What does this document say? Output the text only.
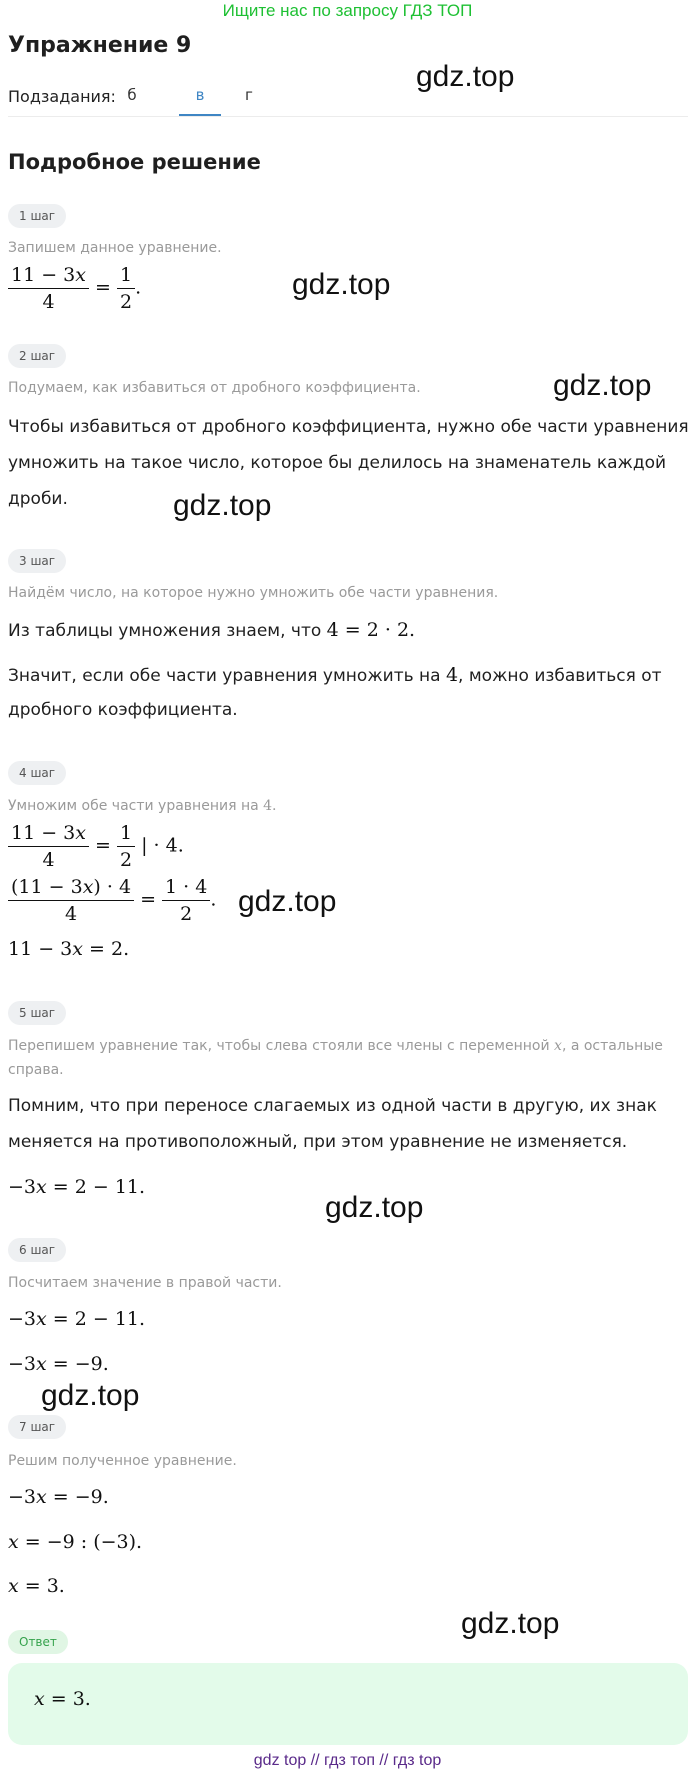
Ищите нас по запросу ГДЗ ТОП
Упражнение 9
Подзадания: б	в	г
gdz.top
Подробное решение
1 шаг
Запишем данное уравнение.
$\frac{11 - 3x}{4} = \frac{1}{2}$ .	gdz.top
2 шаг
Подумаем, как избавиться от дробного коэффициента.	gdz.top
Чтобы избавиться от дробного коэффициента, нужно обе части уравнения
умножить на такое число, которое бы делилось на знаменатель каждой
дроби.	gdz.top
3 шаг
Найдём число, на которое нужно умножить обе части уравнения.
Из таблицы умножения знаем, что 4 = 2 · 2.
Значит, если обе части уравнения умножить на 4, можно избавиться от
дробного коэффициента.
4 шаг
Умножим обе части уравнения на 4.
$\frac{11 - 3x}{4} = \frac{1}{2}$ | · 4.
$\frac{(11 - 3x) \cdot 4}{4} = \frac{1 \cdot 4}{2}$ . gdz.top
11 − 3x = 2.
5 шаг
Перепишем уравнение так, чтобы слева стояли все члены с переменной x, а остальные
справа.
Помним, что при переносе слагаемых из одной части в другую, их знак
меняется на противоположный, при этом уравнение не изменяется.
−3x = 2 − 11.
gdz.top
6 шаг
Посчитаем значение в правой части.
−3x = 2 − 11.
−3x = −9.
gdz.top
7 шаг
Решим полученное уравнение.
−3x = −9.
x = −9 : (−3).
x = 3.
gdz.top
Ответ
x = 3.
gdz top // гдз топ // гдз top
